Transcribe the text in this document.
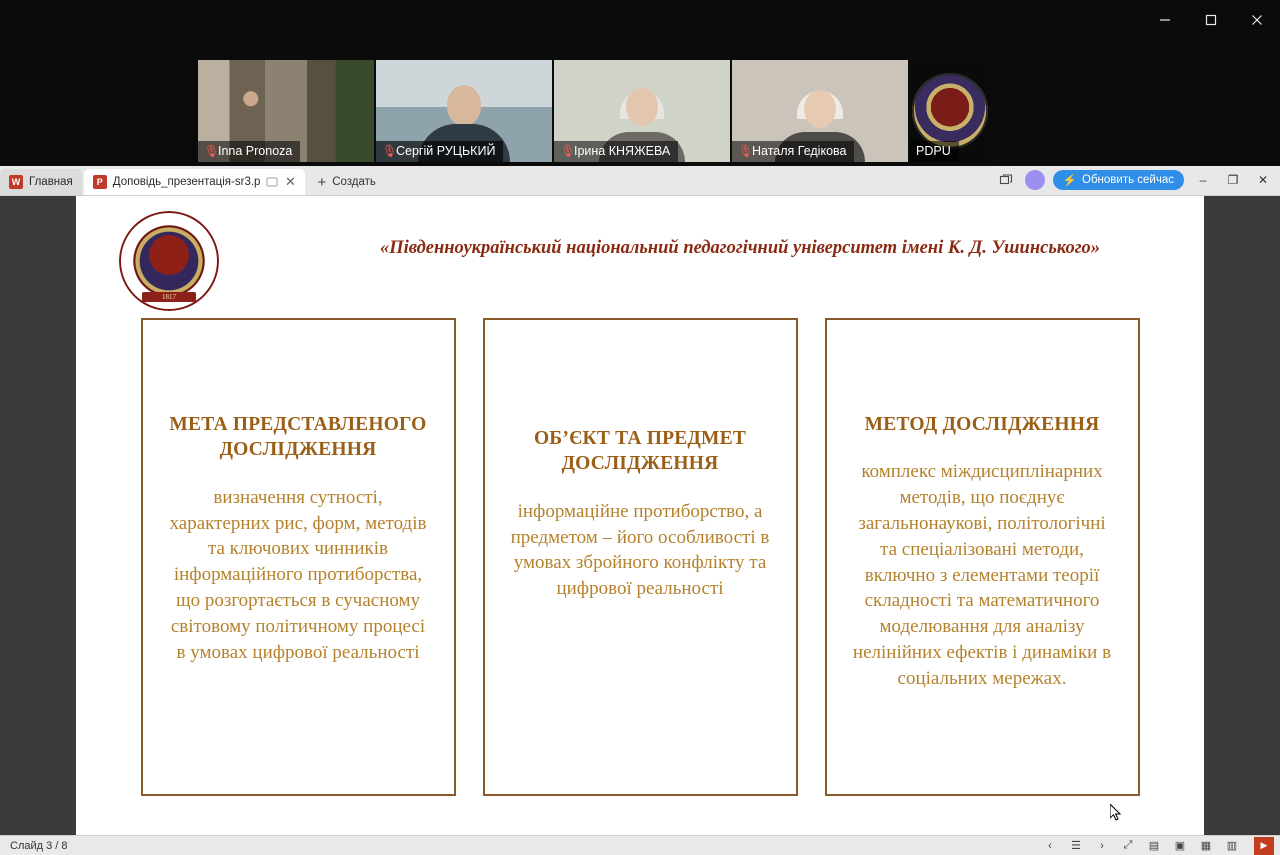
🎙
Inna Pronoza	🎙
Сергій РУЦЬКИЙ	🎙
Ірина КНЯЖЕВА	🎙
Наталя Гедікова	PDPU
W Главная	P Доповідь_презентація-sr3.p ✕ + Создать	⚡ Обновить сейчас	–	❐	✕
1817
«Південноукраїнський національний педагогічний університет імені К. Д. Ушинського»
МЕТА ПРЕДСТАВЛЕНОГО ДОСЛІДЖЕННЯ

визначення сутності, характерних рис, форм, методів та ключових чинників інформаційного протиборства, що розгортається в сучасному світовому політичному процесі в умовах цифрової реальності

ОБ’ЄКТ ТА ПРЕДМЕТ ДОСЛІДЖЕННЯ

інформаційне протиборство, а предметом – його особливості в умовах збройного конфлікту та цифрової реальності

МЕТОД ДОСЛІДЖЕННЯ

комплекс міждисциплінарних методів, що поєднує загальнонаукові, політологічні та спеціалізовані методи, включно з елементами теорії складності та математичного моделювання для аналізу нелінійних ефектів і динаміки в соціальних мережах.

Слайд 3 / 8	‹	☰	›	⤢	▤ ▣ ▦ ▥	▶
